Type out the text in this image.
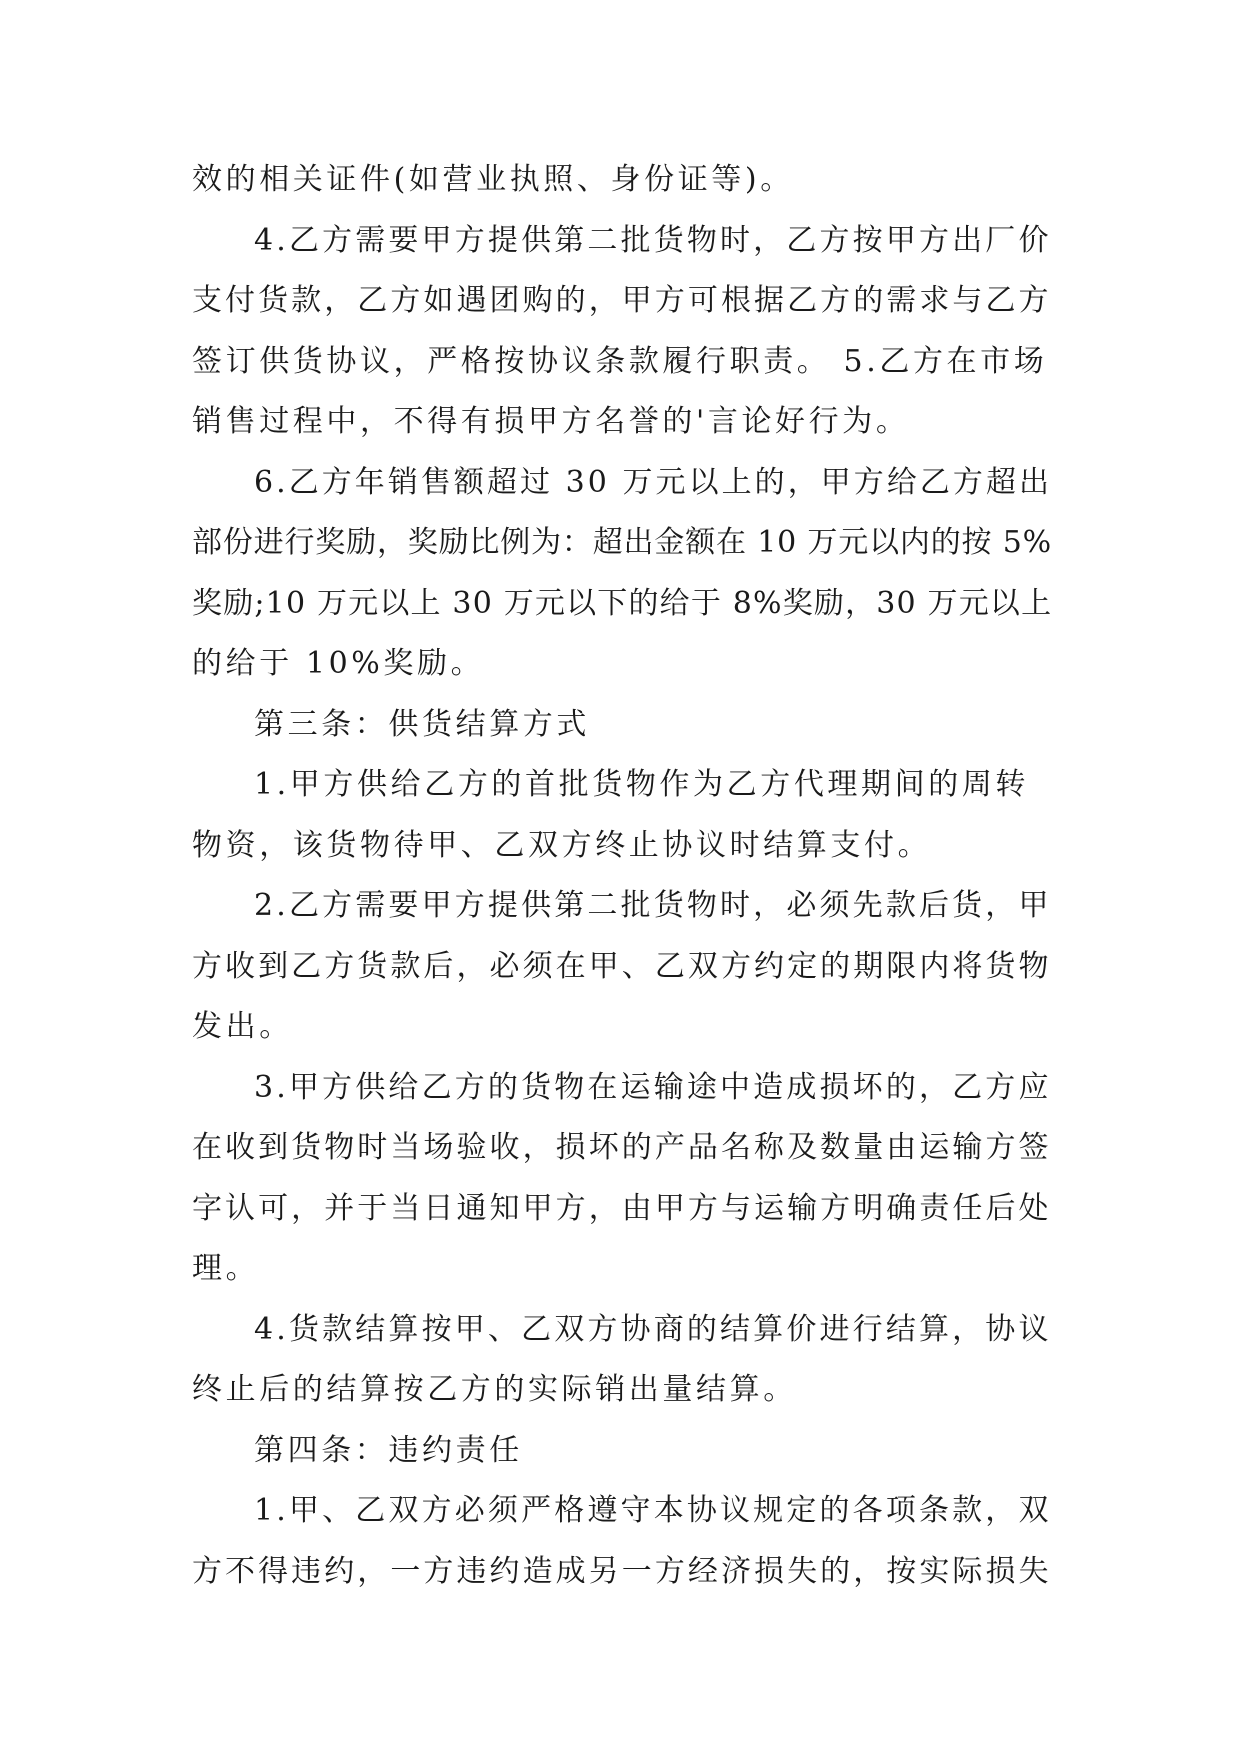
效的相关证件(如营业执照、身份证等)。
4.乙方需要甲方提供第二批货物时，乙方按甲方出厂价
支付货款，乙方如遇团购的，甲方可根据乙方的需求与乙方
签订供货协议，严格按协议条款履行职责。 5.乙方在市场
销售过程中，不得有损甲方名誉的'言论好行为。
6.乙方年销售额超过 30 万元以上的，甲方给乙方超出
部份进行奖励，奖励比例为：超出金额在 10 万元以内的按 5%
奖励;10 万元以上 30 万元以下的给于 8%奖励，30 万元以上
的给于 10%奖励。
第三条：供货结算方式
1.甲方供给乙方的首批货物作为乙方代理期间的周转
物资，该货物待甲、乙双方终止协议时结算支付。
2.乙方需要甲方提供第二批货物时，必须先款后货，甲
方收到乙方货款后，必须在甲、乙双方约定的期限内将货物
发出。
3.甲方供给乙方的货物在运输途中造成损坏的，乙方应
在收到货物时当场验收，损坏的产品名称及数量由运输方签
字认可，并于当日通知甲方，由甲方与运输方明确责任后处
理。
4.货款结算按甲、乙双方协商的结算价进行结算，协议
终止后的结算按乙方的实际销出量结算。
第四条：违约责任
1.甲、乙双方必须严格遵守本协议规定的各项条款，双
方不得违约，一方违约造成另一方经济损失的，按实际损失
